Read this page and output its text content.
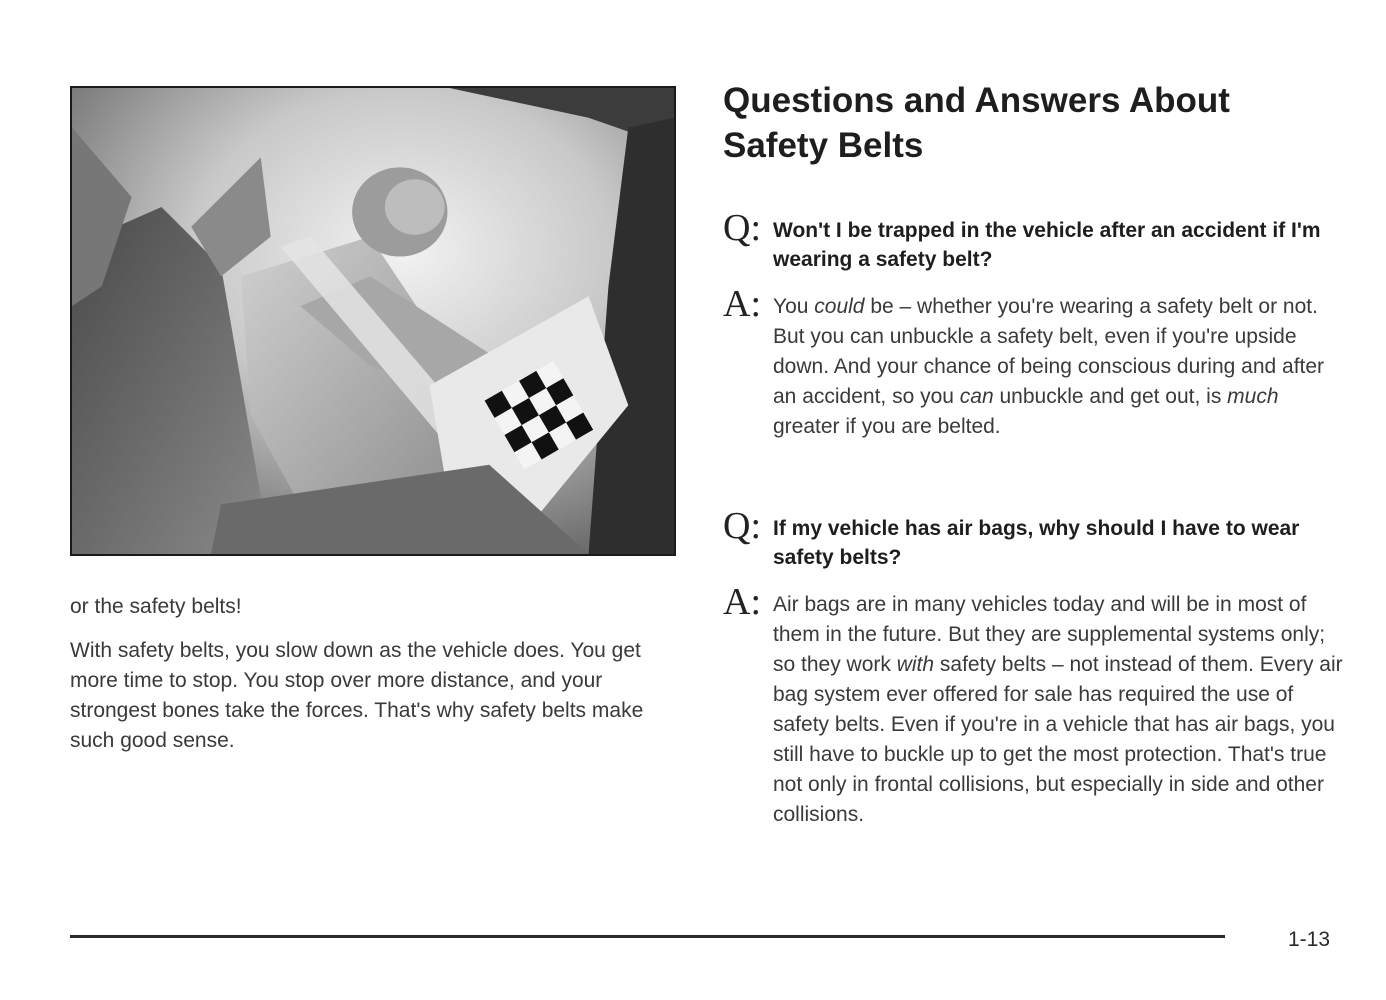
or the safety belts!

With safety belts, you slow down as the vehicle does. You get more time to stop. You stop over more distance, and your strongest bones take the forces. That's why safety belts make such good sense.

Questions and Answers About
Safety Belts
Q: Won't I be trapped in the vehicle after an accident if I'm wearing a safety belt?
A: You could be – whether you're wearing a safety belt or not. But you can unbuckle a safety belt, even if you're upside down. And your chance of being conscious during and after an accident, so you can unbuckle and get out, is much greater if you are belted.
Q: If my vehicle has air bags, why should I have to wear safety belts?
A: Air bags are in many vehicles today and will be in most of them in the future. But they are supplemental systems only; so they work with safety belts – not instead of them. Every air bag system ever offered for sale has required the use of safety belts. Even if you're in a vehicle that has air bags, you still have to buckle up to get the most protection. That's true not only in frontal collisions, but especially in side and other collisions.
1-13
